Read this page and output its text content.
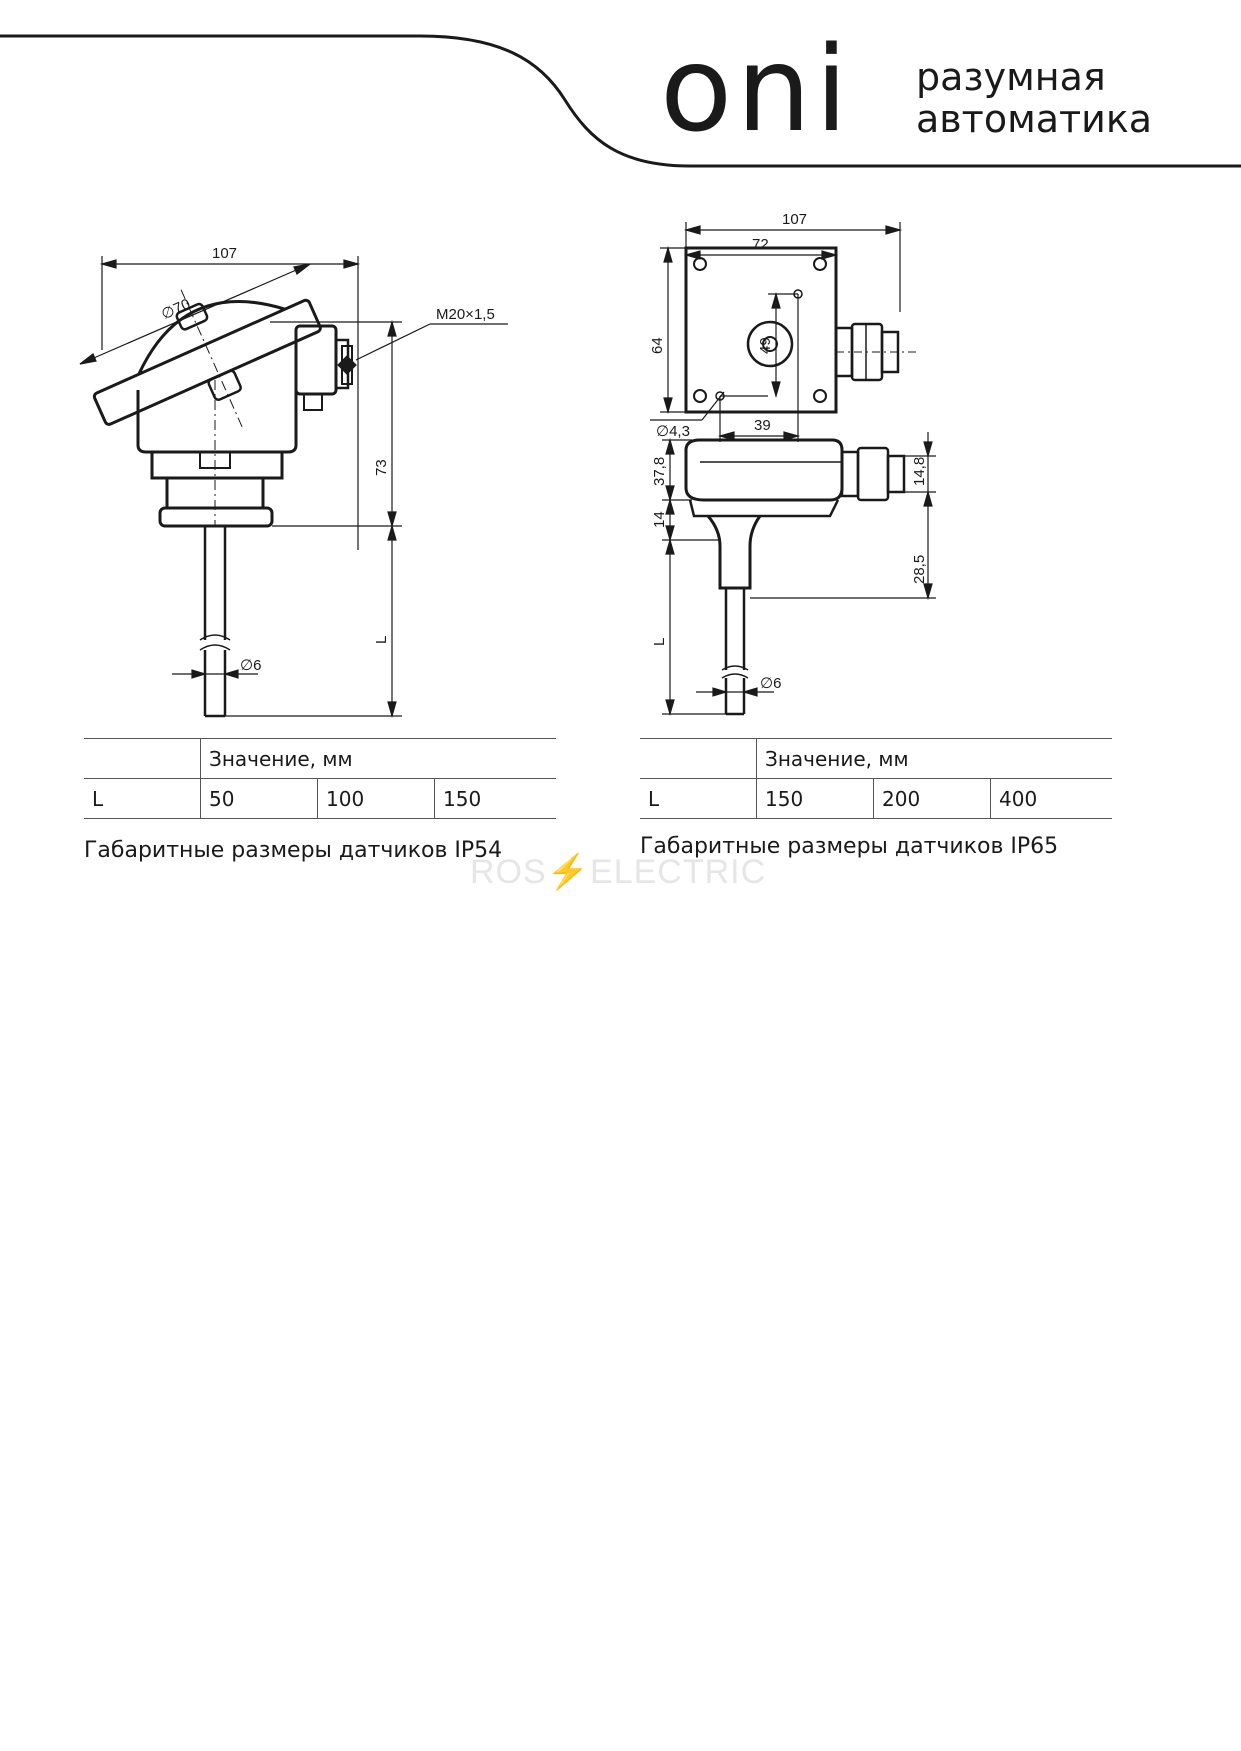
oni разумная
автоматика
107
∅70	M20×1,5
73
L
∅6
107
72
64	49
∅4,3	39
37,8	14,8
14
28,5
L
∅6
	Значение, мм		
L	50	100	150
Габаритные размеры датчиков IP54
	Значение, мм		
L	150	200	400
Габаритные размеры датчиков IP65
ROS⚡ELECTRIC
